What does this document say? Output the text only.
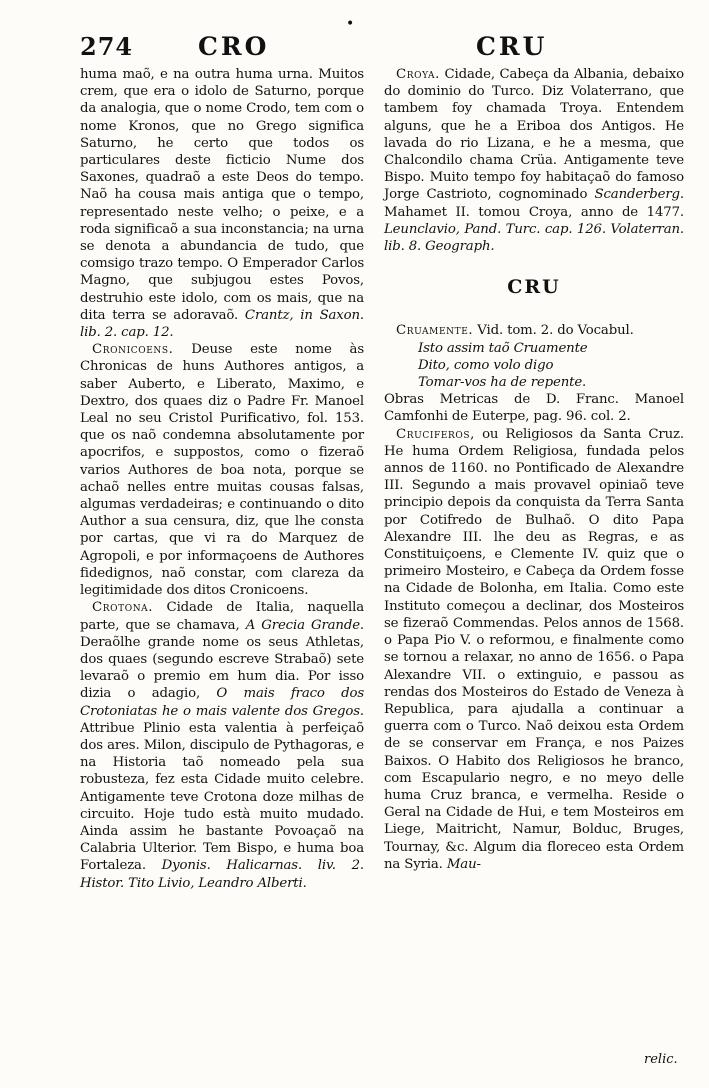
•
274	CRO	CRU

huma maõ, e na outra huma urna. Muitos crem, que era o idolo de Saturno, porque da analogia, que o nome Crodo, tem com o nome Kronos, que no Grego significa Saturno, he certo que todos os particulares deste ficticio Nume dos Saxones, quadraõ a este Deos do tempo. Naõ ha cousa mais antiga que o tempo, representado neste velho; o peixe, e a roda significaõ a sua inconstancia; na urna se denota a abundancia de tudo, que comsigo trazo tempo. O Emperador Carlos Magno, que subjugou estes Povos, destruhio este idolo, com os mais, que na dita terra se adoravaõ. Crantz, in Saxon. lib. 2. cap. 12.

Cronicoens. Deuse este nome às Chronicas de huns Authores antigos, a saber Auberto, e Liberato, Maximo, e Dextro, dos quaes diz o Padre Fr. Manoel Leal no seu Cristol Purificativo, fol. 153. que os naõ condemna absolutamente por apocrifos, e suppostos, como o fizeraõ varios Authores de boa nota, porque se achaõ nelles entre muitas cousas falsas, algumas verdadeiras; e continuando o dito Author a sua censura, diz, que lhe consta por cartas, que vi ra do Marquez de Agropoli, e por informaçoens de Authores fidedignos, naõ constar, com clareza da legitimidade dos ditos Cronicoens.

Crotona. Cidade de Italia, naquella parte, que se chamava, A Grecia Grande. Deraõlhe grande nome os seus Athletas, dos quaes (segundo escreve Strabaõ) sete levaraõ o premio em hum dia. Por isso dizia o adagio, O mais fraco dos Crotoniatas he o mais valente dos Gregos. Attribue Plinio esta valentia à perfeiçaõ dos ares. Milon, discipulo de Pythagoras, e na Historia taõ nomeado pela sua robusteza, fez esta Cidade muito celebre. Antigamente teve Crotona doze milhas de circuito. Hoje tudo està muito mudado. Ainda assim he bastante Povoaçaõ na Calabria Ulterior. Tem Bispo, e huma boa Fortaleza. Dyonis. Halicarnas. liv. 2. Histor. Tito Livio, Leandro Alberti.

Croya. Cidade, Cabeça da Albania, debaixo do dominio do Turco. Diz Volaterrano, que tambem foy chamada Troya. Entendem alguns, que he a Eriboa dos Antigos. He lavada do rio Lizana, e he a mesma, que Chalcondilo chama Crüa. Antigamente teve Bispo. Muito tempo foy habitaçaõ do famoso Jorge Castrioto, cognominado Scanderberg. Mahamet II. tomou Croya, anno de 1477. Leunclavio, Pand. Turc. cap. 126. Volaterran. lib. 8. Geograph.

CRU

Cruamente. Vid. tom. 2. do Vocabul.
Isto assim taõ Cruamente
Dito, como volo digo
Tomar-vos ha de repente.

Obras Metricas de D. Franc. Manoel Camfonhi de Euterpe, pag. 96. col. 2.

Cruciferos, ou Religiosos da Santa Cruz. He huma Ordem Religiosa, fundada pelos annos de 1160. no Pontificado de Alexandre III. Segundo a mais provavel opiniaõ teve principio depois da conquista da Terra Santa por Cotifredo de Bulhaõ. O dito Papa Alexandre III. lhe deu as Regras, e as Constituiçoens, e Clemente IV. quiz que o primeiro Mosteiro, e Cabeça da Ordem fosse na Cidade de Bolonha, em Italia. Como este Instituto começou a declinar, dos Mosteiros se fizeraõ Commendas. Pelos annos de 1568. o Papa Pio V. o reformou, e finalmente como se tornou a relaxar, no anno de 1656. o Papa Alexandre VII. o extinguio, e passou as rendas dos Mosteiros do Estado de Veneza à Republica, para ajudalla a continuar a guerra com o Turco. Naõ deixou esta Ordem de se conservar em França, e nos Paizes Baixos. O Habito dos Religiosos he branco, com Escapulario negro, e no meyo delle huma Cruz branca, e vermelha. Reside o Geral na Cidade de Hui, e tem Mosteiros em Liege, Maitricht, Namur, Bolduc, Bruges, Tournay, &c. Algum dia floreceo esta Ordem na Syria. Mau-

relic.
